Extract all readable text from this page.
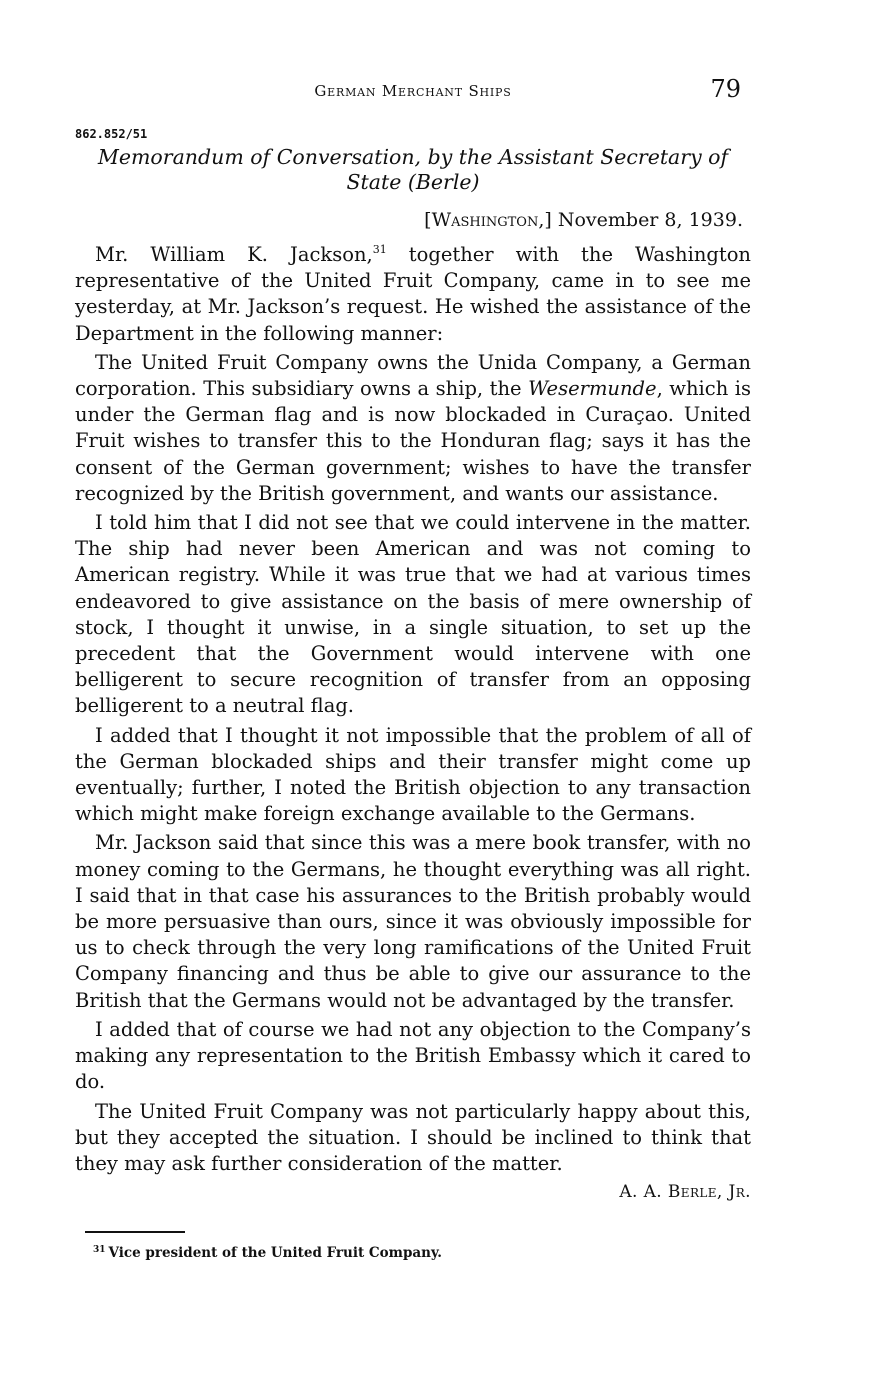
German Merchant Ships	79
862.852/51
Memorandum of Conversation, by the Assistant Secretary of State (Berle)
[Washington,] November 8, 1939.

Mr. William K. Jackson,$^{31}$ together with the Washington representative of the United Fruit Company, came in to see me yesterday, at Mr. Jackson’s request. He wished the assistance of the Department in the following manner:

The United Fruit Company owns the Unida Company, a German corporation. This subsidiary owns a ship, the Wesermunde, which is under the German flag and is now blockaded in Curaçao. United Fruit wishes to transfer this to the Honduran flag; says it has the consent of the German government; wishes to have the transfer recognized by the British government, and wants our assistance.

I told him that I did not see that we could intervene in the matter. The ship had never been American and was not coming to American registry. While it was true that we had at various times endeavored to give assistance on the basis of mere ownership of stock, I thought it unwise, in a single situation, to set up the precedent that the Government would intervene with one belligerent to secure recognition of transfer from an opposing belligerent to a neutral flag.

I added that I thought it not impossible that the problem of all of the German blockaded ships and their transfer might come up eventually; further, I noted the British objection to any transaction which might make foreign exchange available to the Germans.

Mr. Jackson said that since this was a mere book transfer, with no money coming to the Germans, he thought everything was all right. I said that in that case his assurances to the British probably would be more persuasive than ours, since it was obviously impossible for us to check through the very long ramifications of the United Fruit Company financing and thus be able to give our assurance to the British that the Germans would not be advantaged by the transfer.

I added that of course we had not any objection to the Company’s making any representation to the British Embassy which it cared to do.

The United Fruit Company was not particularly happy about this, but they accepted the situation. I should be inclined to think that they may ask further consideration of the matter.

A. A. Berle, Jr.
$^{31}$ Vice president of the United Fruit Company.
